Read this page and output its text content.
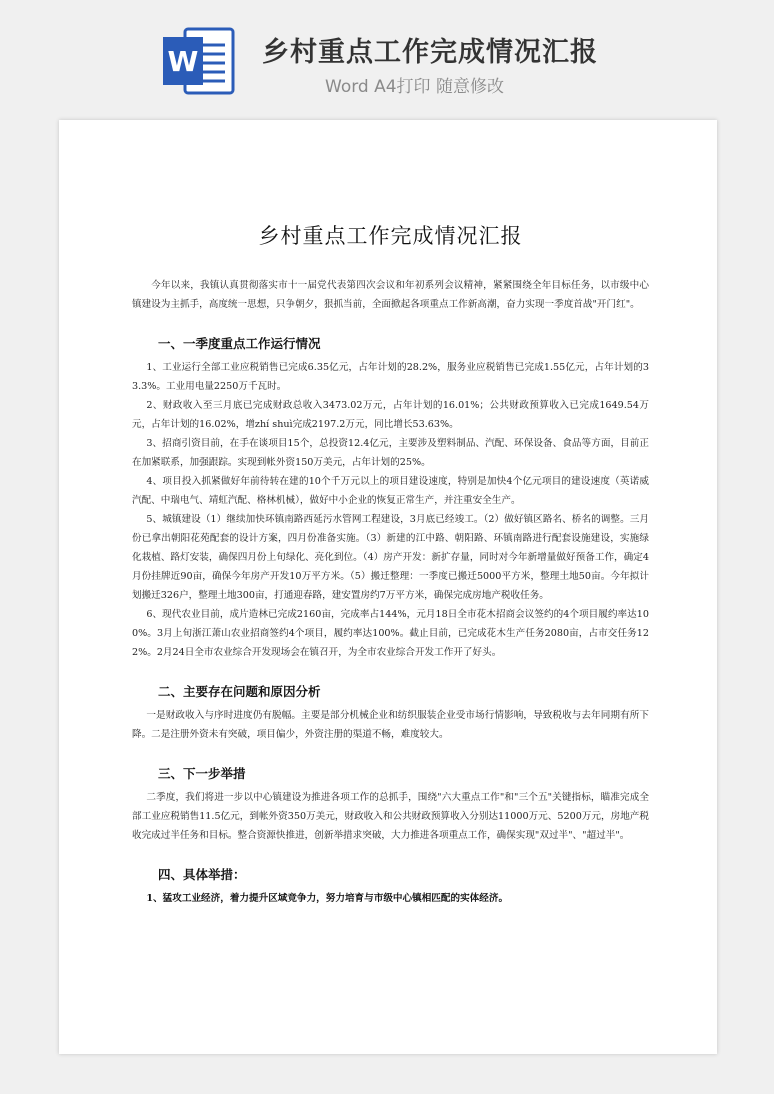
W 乡村重点工作完成情况汇报
Word A4打印 随意修改
乡村重点工作完成情况汇报

今年以来，我镇认真贯彻落实市十一届党代表第四次会议和年初系列会议精神，紧紧围绕全年目标任务，以市级中心镇建设为主抓手，高度统一思想，只争朝夕，狠抓当前，全面掀起各项重点工作新高潮，奋力实现一季度首战"开门红"。

一、一季度重点工作运行情况

1、工业运行全部工业应税销售已完成6.35亿元，占年计划的28.2%，服务业应税销售已完成1.55亿元，占年计划的33.3%。工业用电量2250万千瓦时。

2、财政收入至三月底已完成财政总收入3473.02万元，占年计划的16.01%；公共财政预算收入已完成1649.54万元，占年计划的16.02%，增zhí shuì完成2197.2万元，同比增长53.63%。

3、招商引资目前，在手在谈项目15个，总投资12.4亿元，主要涉及塑料制品、汽配、环保设备、食品等方面，目前正在加紧联系，加强跟踪。实现到帐外资150万美元，占年计划的25%。

4、项目投入抓紧做好年前待转在建的10个千万元以上的项目建设速度，特别是加快4个亿元项目的建设速度（英诺威汽配、中瑞电气、靖虹汽配、格林机械），做好中小企业的恢复正常生产，并注重安全生产。

5、城镇建设（1）继续加快环镇南路西延污水管网工程建设，3月底已经竣工。（2）做好镇区路名、桥名的调整。三月份已拿出朝阳花苑配套的设计方案，四月份准备实施。（3）新建的江中路、朝阳路、环镇南路进行配套设施建设，实施绿化栽植、路灯安装，确保四月份上旬绿化、亮化到位。（4）房产开发：新扩存量，同时对今年新增量做好预备工作，确定4月份挂牌近90亩，确保今年房产开发10万平方米。（5）搬迁整理：一季度已搬迁5000平方米，整理土地50亩。今年拟计划搬迁326户，整理土地300亩，打通迎春路，建安置房约7万平方米，确保完成房地产税收任务。

6、现代农业目前，成片造林已完成2160亩，完成率占144%，元月18日全市花木招商会议签约的4个项目履约率达100%。3月上旬浙江萧山农业招商签约4个项目，履约率达100%。截止目前，已完成花木生产任务2080亩，占市交任务122%。2月24日全市农业综合开发现场会在镇召开，为全市农业综合开发工作开了好头。

二、主要存在问题和原因分析

一是财政收入与序时进度仍有脱幅。主要是部分机械企业和纺织服装企业受市场行情影响，导致税收与去年同期有所下降。二是注册外资未有突破，项目偏少，外资注册的渠道不畅，难度较大。

三、下一步举措

二季度，我们将进一步以中心镇建设为推进各项工作的总抓手，围绕"六大重点工作"和"三个五"关键指标，瞄准完成全部工业应税销售11.5亿元，到帐外资350万美元，财政收入和公共财政预算收入分别达11000万元、5200万元，房地产税收完成过半任务和目标。整合资源快推进，创新举措求突破，大力推进各项重点工作，确保实现"双过半"、"超过半"。

四、具体举措：
1、猛攻工业经济，着力提升区域竞争力，努力培育与市级中心镇相匹配的实体经济。
